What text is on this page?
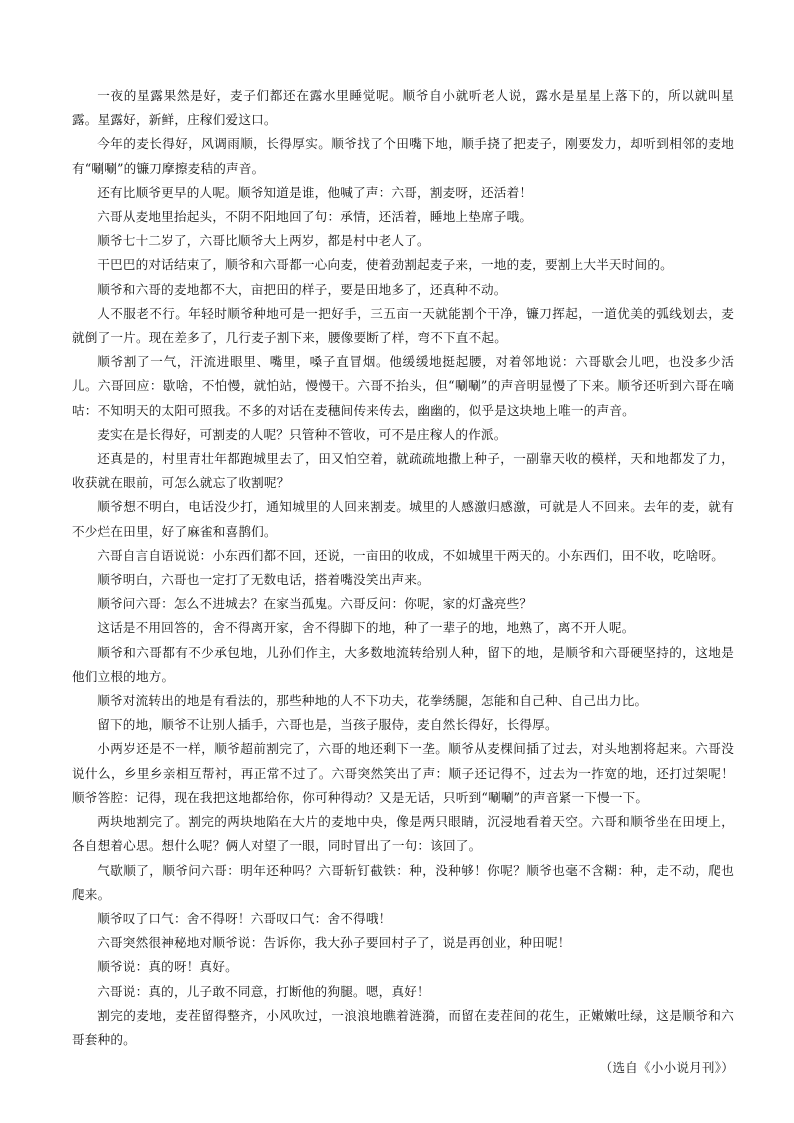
一夜的星露果然是好，麦子们都还在露水里睡觉呢。顺爷自小就听老人说，露水是星星上落下的，所以就叫星露。星露好，新鲜，庄稼们爱这口。

今年的麦长得好，风调雨顺，长得厚实。顺爷找了个田嘴下地，顺手挠了把麦子，刚要发力，却听到相邻的麦地有“唰唰”的镰刀摩擦麦秸的声音。

还有比顺爷更早的人呢。顺爷知道是谁，他喊了声：六哥，割麦呀，还活着！

六哥从麦地里抬起头，不阴不阳地回了句：承情，还活着，睡地上垫席子哦。

顺爷七十二岁了，六哥比顺爷大上两岁，都是村中老人了。

干巴巴的对话结束了，顺爷和六哥都一心向麦，使着劲割起麦子来，一地的麦，要割上大半天时间的。

顺爷和六哥的麦地都不大，亩把田的样子，要是田地多了，还真种不动。

人不服老不行。年轻时顺爷种地可是一把好手，三五亩一天就能割个干净，镰刀挥起，一道优美的弧线划去，麦就倒了一片。现在差多了，几行麦子割下来，腰像要断了样，弯不下直不起。

顺爷割了一气，汗流进眼里、嘴里，嗓子直冒烟。他缓缓地挺起腰，对着邻地说：六哥歇会儿吧，也没多少活儿。六哥回应：歇啥，不怕慢，就怕站，慢慢干。六哥不抬头，但“唰唰”的声音明显慢了下来。顺爷还听到六哥在嘀咕：不知明天的太阳可照我。不多的对话在麦穗间传来传去，幽幽的，似乎是这块地上唯一的声音。

麦实在是长得好，可割麦的人呢？只管种不管收，可不是庄稼人的作派。

还真是的，村里青壮年都跑城里去了，田又怕空着，就疏疏地撒上种子，一副靠天收的模样，天和地都发了力，收获就在眼前，可怎么就忘了收割呢？

顺爷想不明白，电话没少打，通知城里的人回来割麦。城里的人感激归感激，可就是人不回来。去年的麦，就有不少烂在田里，好了麻雀和喜鹊们。

六哥自言自语说说：小东西们都不回，还说，一亩田的收成，不如城里干两天的。小东西们，田不收，吃啥呀。

顺爷明白，六哥也一定打了无数电话，搭着嘴没笑出声来。

顺爷问六哥：怎么不进城去？在家当孤鬼。六哥反问：你呢，家的灯盏亮些？

这话是不用回答的，舍不得离开家，舍不得脚下的地，种了一辈子的地，地熟了，离不开人呢。

顺爷和六哥都有不少承包地，儿孙们作主，大多数地流转给别人种，留下的地，是顺爷和六哥硬坚持的，这地是他们立根的地方。

顺爷对流转出的地是有看法的，那些种地的人不下功夫，花拳绣腿，怎能和自己种、自己出力比。

留下的地，顺爷不让别人插手，六哥也是，当孩子服侍，麦自然长得好，长得厚。

小两岁还是不一样，顺爷超前割完了，六哥的地还剩下一垄。顺爷从麦棵间插了过去，对头地割将起来。六哥没说什么，乡里乡亲相互帮衬，再正常不过了。六哥突然笑出了声：顺子还记得不，过去为一拃宽的地，还打过架呢！顺爷答腔：记得，现在我把这地都给你，你可种得动？又是无话，只听到“唰唰”的声音紧一下慢一下。

两块地割完了。割完的两块地陷在大片的麦地中央，像是两只眼睛，沉浸地看着天空。六哥和顺爷坐在田埂上，各自想着心思。想什么呢？俩人对望了一眼，同时冒出了一句：该回了。

气歇顺了，顺爷问六哥：明年还种吗？六哥斩钉截铁：种，没种够！你呢？顺爷也毫不含糊：种，走不动，爬也爬来。

顺爷叹了口气：舍不得呀！六哥叹口气：舍不得哦！

六哥突然很神秘地对顺爷说：告诉你，我大孙子要回村子了，说是再创业，种田呢！

顺爷说：真的呀！真好。

六哥说：真的，儿子敢不同意，打断他的狗腿。嗯，真好！

割完的麦地，麦茬留得整齐，小风吹过，一浪浪地瞧着涟漪，而留在麦茬间的花生，正嫩嫩吐绿，这是顺爷和六哥套种的。

（选自《小小说月刊》）
